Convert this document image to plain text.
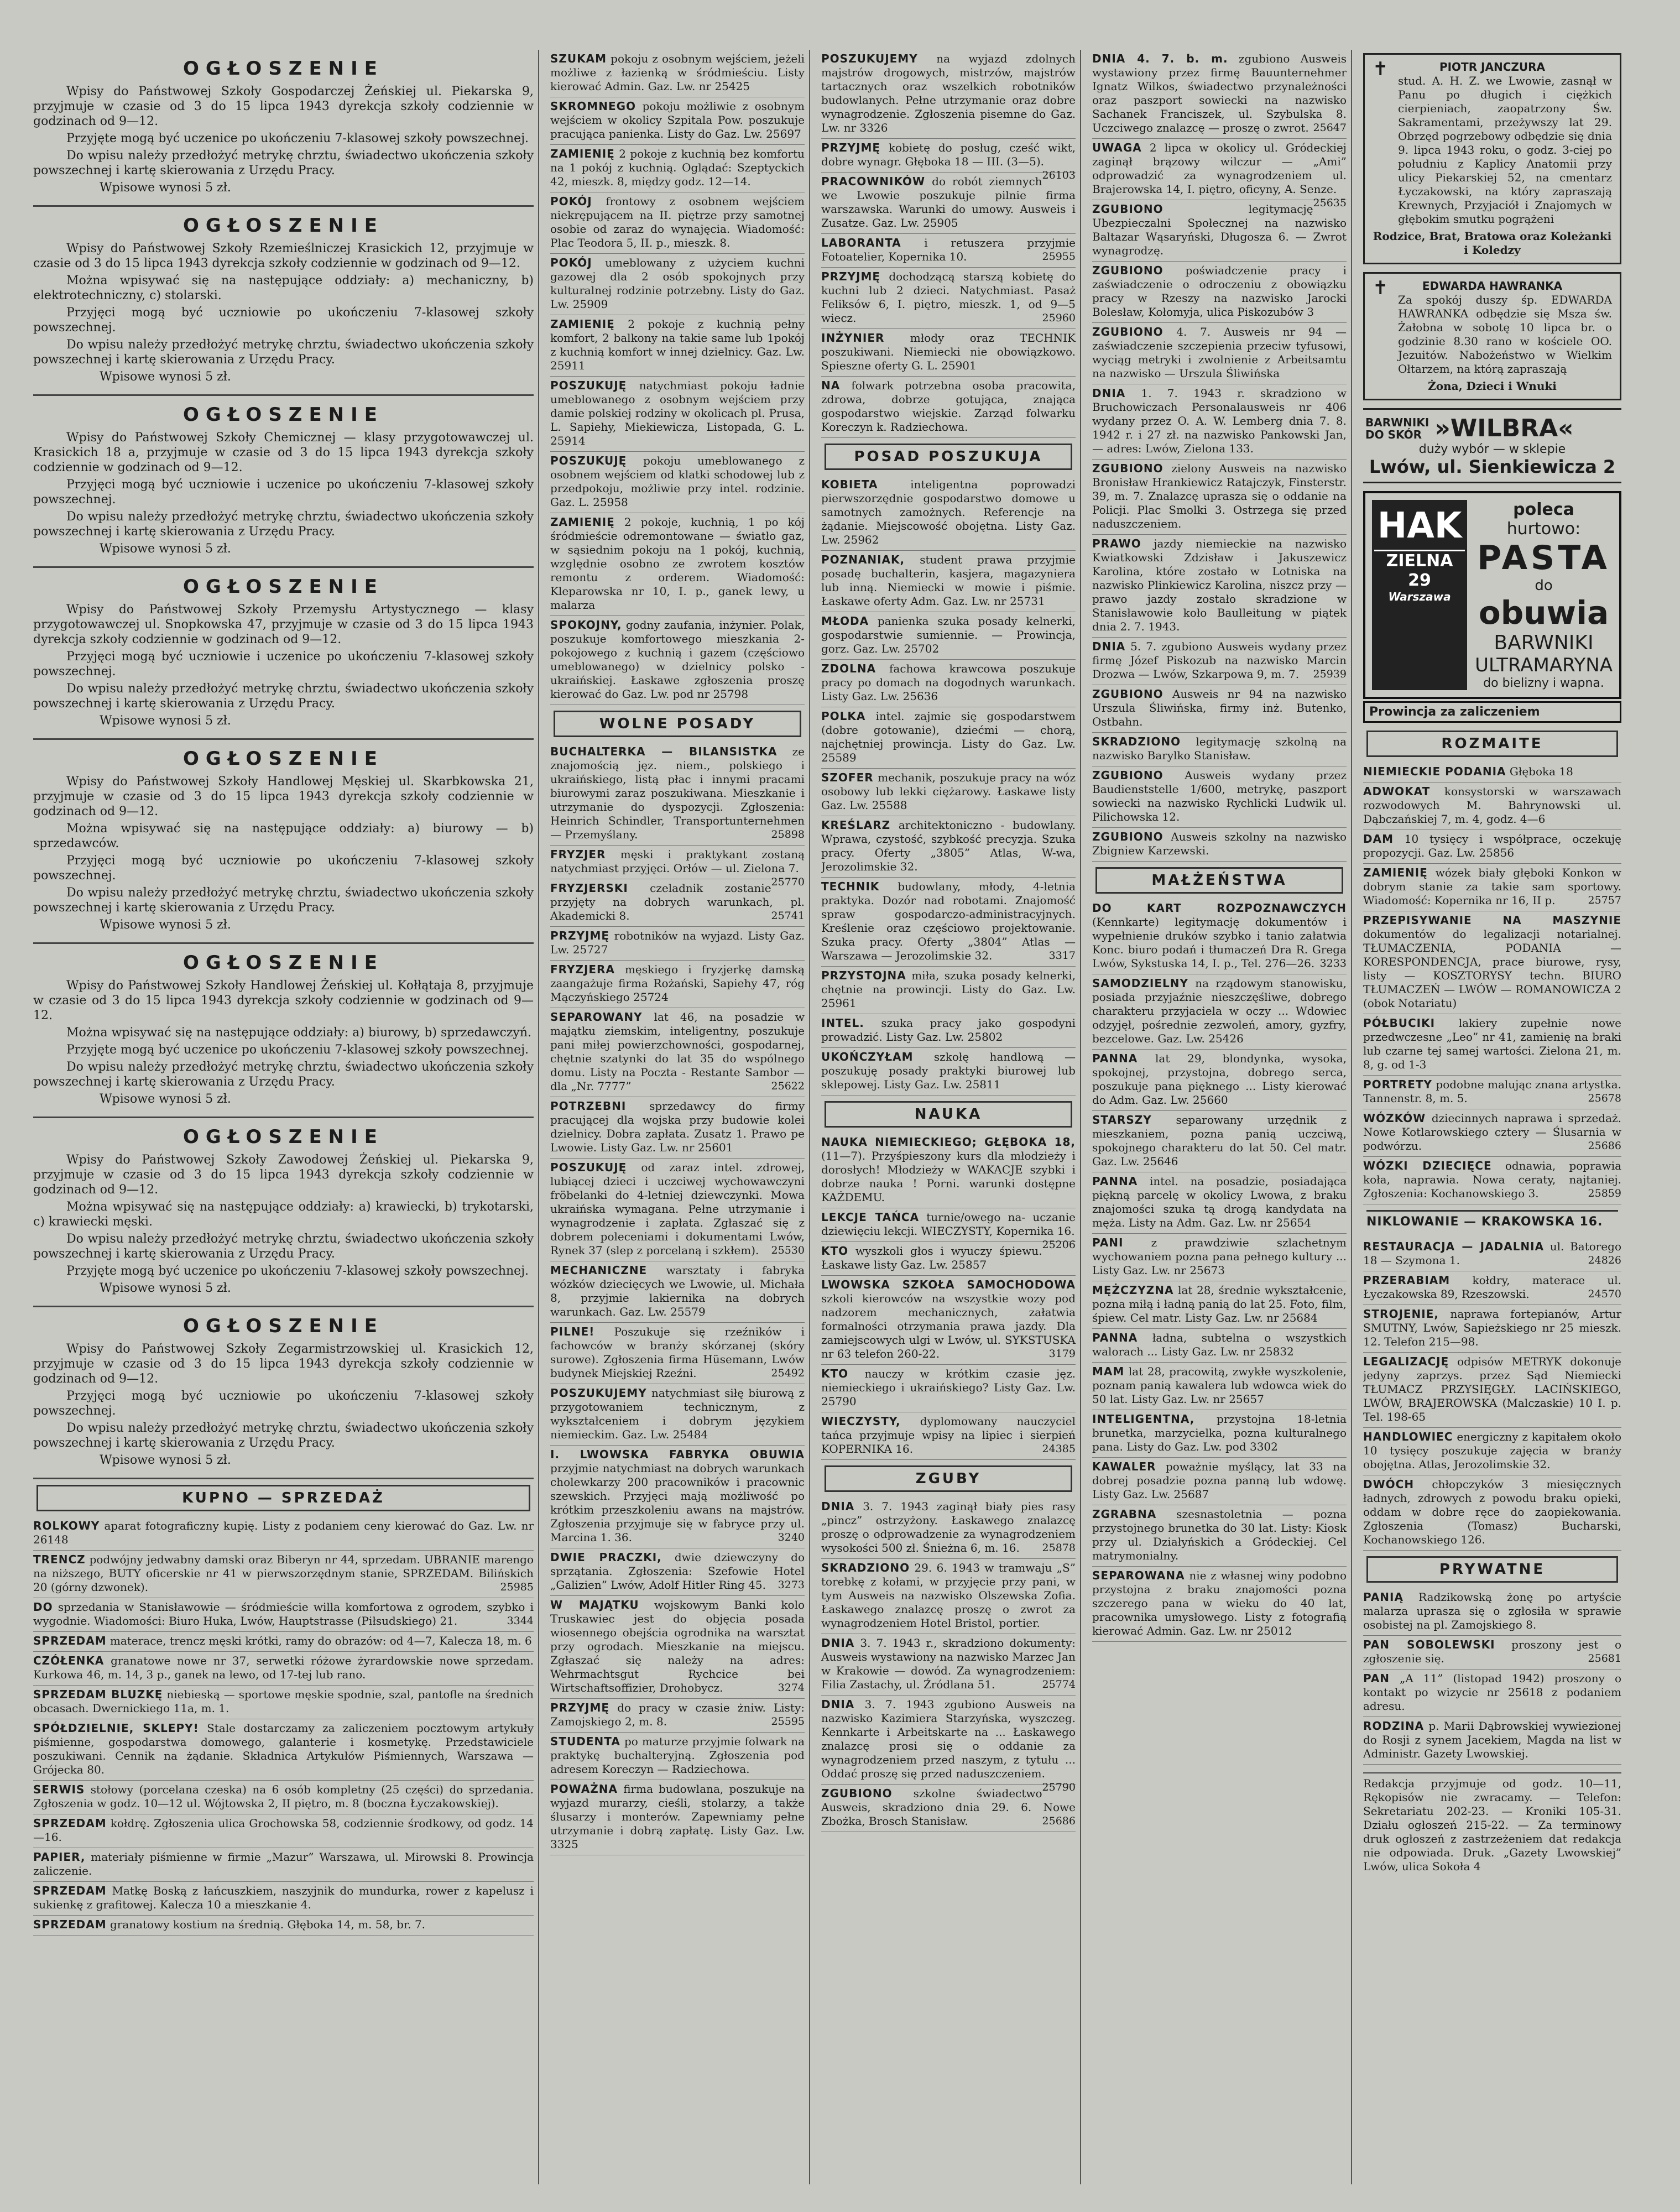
OGŁOSZENIE

Wpisy do Państwowej Szkoły Gospodarczej Żeńskiej ul. Piekarska 9, przyjmuje w czasie od 3 do 15 lipca 1943 dyrekcja szkoły codziennie w godzinach od 9—12.

Przyjęte mogą być uczenice po ukończeniu 7-klasowej szkoły powszechnej.

Do wpisu należy przedłożyć metrykę chrztu, świadectwo ukończenia szkoły powszechnej i kartę skierowania z Urzędu Pracy.

Wpisowe wynosi 5 zł.

OGŁOSZENIE

Wpisy do Państwowej Szkoły Rzemieślniczej Krasickich 12, przyjmuje w czasie od 3 do 15 lipca 1943 dyrekcja szkoły codziennie w godzinach od 9—12.

Można wpisywać się na następujące oddziały: a) mechaniczny, b) elektrotechniczny, c) stolarski.

Przyjęci mogą być uczniowie po ukończeniu 7-klasowej szkoły powszechnej.

Do wpisu należy przedłożyć metrykę chrztu, świadectwo ukończenia szkoły powszechnej i kartę skierowania z Urzędu Pracy.

Wpisowe wynosi 5 zł.

OGŁOSZENIE

Wpisy do Państwowej Szkoły Chemicznej — klasy przygotowawczej ul. Krasickich 18 a, przyjmuje w czasie od 3 do 15 lipca 1943 dyrekcja szkoły codziennie w godzinach od 9—12.

Przyjęci mogą być uczniowie i uczenice po ukończeniu 7-klasowej szkoły powszechnej.

Do wpisu należy przedłożyć metrykę chrztu, świadectwo ukończenia szkoły powszechnej i kartę skierowania z Urzędu Pracy.

Wpisowe wynosi 5 zł.

OGŁOSZENIE

Wpisy do Państwowej Szkoły Przemysłu Artystycznego — klasy przygotowawczej ul. Snopkowska 47, przyjmuje w czasie od 3 do 15 lipca 1943 dyrekcja szkoły codziennie w godzinach od 9—12.

Przyjęci mogą być uczniowie i uczenice po ukończeniu 7-klasowej szkoły powszechnej.

Do wpisu należy przedłożyć metrykę chrztu, świadectwo ukończenia szkoły powszechnej i kartę skierowania z Urzędu Pracy.

Wpisowe wynosi 5 zł.

OGŁOSZENIE

Wpisy do Państwowej Szkoły Handlowej Męskiej ul. Skarbkowska 21, przyjmuje w czasie od 3 do 15 lipca 1943 dyrekcja szkoły codziennie w godzinach od 9—12.

Można wpisywać się na następujące oddziały: a) biurowy — b) sprzedawców.

Przyjęci mogą być uczniowie po ukończeniu 7-klasowej szkoły powszechnej.

Do wpisu należy przedłożyć metrykę chrztu, świadectwo ukończenia szkoły powszechnej i kartę skierowania z Urzędu Pracy.

Wpisowe wynosi 5 zł.

OGŁOSZENIE

Wpisy do Państwowej Szkoły Handlowej Żeńskiej ul. Kołłątaja 8, przyjmuje w czasie od 3 do 15 lipca 1943 dyrekcja szkoły codziennie w godzinach od 9—12.

Można wpisywać się na następujące oddziały: a) biurowy, b) sprzedawczyń.

Przyjęte mogą być uczenice po ukończeniu 7-klasowej szkoły powszechnej.

Do wpisu należy przedłożyć metrykę chrztu, świadectwo ukończenia szkoły powszechnej i kartę skierowania z Urzędu Pracy.

Wpisowe wynosi 5 zł.

OGŁOSZENIE

Wpisy do Państwowej Szkoły Zawodowej Żeńskiej ul. Piekarska 9, przyjmuje w czasie od 3 do 15 lipca 1943 dyrekcja szkoły codziennie w godzinach od 9—12.

Można wpisywać się na następujące oddziały: a) krawiecki, b) trykotarski, c) krawiecki męski.

Do wpisu należy przedłożyć metrykę chrztu, świadectwo ukończenia szkoły powszechnej i kartę skierowania z Urzędu Pracy.

Przyjęte mogą być uczenice po ukończeniu 7-klasowej szkoły powszechnej.

Wpisowe wynosi 5 zł.

OGŁOSZENIE

Wpisy do Państwowej Szkoły Zegarmistrzowskiej ul. Krasickich 12, przyjmuje w czasie od 3 do 15 lipca 1943 dyrekcja szkoły codziennie w godzinach od 9—12.

Przyjęci mogą być uczniowie po ukończeniu 7-klasowej szkoły powszechnej.

Do wpisu należy przedłożyć metrykę chrztu, świadectwo ukończenia szkoły powszechnej i kartę skierowania z Urzędu Pracy.

Wpisowe wynosi 5 zł.

KUPNO — SPRZEDAŻ
ROLKOWY aparat fotograficzny kupię. Listy z podaniem ceny kierować do Gaz. Lw. nr 26148
TRENCZ podwójny jedwabny damski oraz Biberyn nr 44, sprzedam. UBRANIE marengo na niższego, BUTY oficerskie nr 41 w pierwszorzędnym stanie, SPRZEDAM. Bilińskich 20 (górny dzwonek).	25985
DO sprzedania w Stanisławowie — śródmieście willa komfortowa z ogrodem, szybko i wygodnie. Wiadomości: Biuro Huka, Lwów, Hauptstrasse (Piłsudskiego) 21.	3344
SPRZEDAM materace, trencz męski krótki, ramy do obrazów: od 4—7, Kalecza 18, m. 6
CZÓŁENKA granatowe nowe nr 37, serwetki różowe żyrardowskie nowe sprzedam. Kurkowa 46, m. 14, 3 p., ganek na lewo, od 17-tej lub rano.
SPRZEDAM BLUZKĘ niebieską — sportowe męskie spodnie, szal, pantofle na średnich obcasach. Dwernickiego 11a, m. 1.
SPÓŁDZIELNIE, SKLEPY! Stale dostarczamy za zaliczeniem pocztowym artykuły piśmienne, gospodarstwa domowego, galanterie i kosmetykę. Przedstawiciele poszukiwani. Cennik na żądanie. Składnica Artykułów Piśmiennych, Warszawa — Grójecka 80.
SERWIS stołowy (porcelana czeska) na 6 osób kompletny (25 części) do sprzedania. Zgłoszenia w godz. 10—12 ul. Wójtowska 2, II piętro, m. 8 (boczna Łyczakowskiej).
SPRZEDAM kołdrę. Zgłoszenia ulica Grochowska 58, codziennie środkowy, od godz. 14—16.
PAPIER, materiały piśmienne w firmie „Mazur” Warszawa, ul. Mirowski 8. Prowincja zaliczenie.
SPRZEDAM Matkę Boską z łańcuszkiem, naszyjnik do mundurka, rower z kapelusz i sukienkę z grafitowej. Kalecza 10 a mieszkanie 4.
SPRZEDAM granatowy kostium na średnią. Głęboka 14, m. 58, br. 7.
SZUKAM pokoju z osobnym wejściem, jeżeli możliwe z łazienką w śródmieściu. Listy kierować Admin. Gaz. Lw. nr 25425
SKROMNEGO pokoju możliwie z osobnym wejściem w okolicy Szpitala Pow. poszukuje pracująca panienka. Listy do Gaz. Lw. 25697
ZAMIENIĘ 2 pokoje z kuchnią bez komfortu na 1 pokój z kuchnią. Oglądać: Szeptyckich 42, mieszk. 8, między godz. 12—14.
POKÓJ frontowy z osobnem wejściem niekrępującem na II. piętrze przy samotnej osobie od zaraz do wynajęcia. Wiadomość: Plac Teodora 5, II. p., mieszk. 8.
POKÓJ umeblowany z użyciem kuchni gazowej dla 2 osób spokojnych przy kulturalnej rodzinie potrzebny. Listy do Gaz. Lw. 25909
ZAMIENIĘ 2 pokoje z kuchnią pełny komfort, 2 balkony na takie same lub 1pokój z kuchnią komfort w innej dzielnicy. Gaz. Lw. 25911
POSZUKUJĘ natychmiast pokoju ładnie umeblowanego z osobnym wejściem przy damie polskiej rodziny w okolicach pl. Prusa, L. Sapiehy, Miekiewicza, Listopada, G. L. 25914
POSZUKUJĘ pokoju umeblowanego z osobnem wejściem od klatki schodowej lub z przedpokoju, możliwie przy intel. rodzinie. Gaz. L. 25958
ZAMIENIĘ 2 pokoje, kuchnią, 1 po kój śródmieście odremontowane — światło gaz, w sąsiednim pokoju na 1 pokój, kuchnią, względnie osobno ze zwrotem kosztów remontu z orderem. Wiadomość: Kleparowska nr 10, I. p., ganek lewy, u malarza
SPOKOJNY, godny zaufania, inżynier. Polak, poszukuje komfortowego mieszkania 2-pokojowego z kuchnią i gazem (częściowo umeblowanego) w dzielnicy polsko - ukraińskiej. Łaskawe zgłoszenia proszę kierować do Gaz. Lw. pod nr 25798
WOLNE POSADY
BUCHALTERKA — BILANSISTKA ze znajomością jęz. niem., polskiego i ukraińskiego, listą płac i innymi pracami biurowymi zaraz poszukiwana. Mieszkanie i utrzymanie do dyspozycji. Zgłoszenia: Heinrich Schindler, Transportunternehmen — Przemyślany.	25898
FRYZJER męski i praktykant zostaną natychmiast przyjęci. Orłów — ul. Zielona 7.
25770
FRYZJERSKI czeladnik zostanie przyjęty na dobrych warunkach, pl. Akademicki 8.	25741
PRZYJMĘ robotników na wyjazd. Listy Gaz. Lw. 25727
FRYZJERA męskiego i fryzjerkę damską zaangażuje firma Rożański, Sapiehy 47, róg Mączyńskiego 25724
SEPAROWANY lat 46, na posadzie w majątku ziemskim, inteligentny, poszukuje pani miłej powierzchowności, gospodarnej, chętnie szatynki do lat 35 do wspólnego domu. Listy na Poczta - Restante Sambor — dla „Nr. 7777”	25622
POTRZEBNI sprzedawcy do firmy pracującej dla wojska przy budowie kolei dzielnicy. Dobra zapłata. Zusatz 1. Prawo pe Lwowie. Listy Gaz. Lw. nr 25601
POSZUKUJĘ od zaraz intel. zdrowej, lubiącej dzieci i uczciwej wychowawczyni fröbelanki do 4-letniej dziewczynki. Mowa ukraińska wymagana. Pełne utrzymanie i wynagrodzenie i zapłata. Zgłaszać się z dobrem poleceniami i dokumentami Lwów, Rynek 37 (slep z porcelaną i szkłem). 25530
MECHANICZNE warsztaty i fabryka wózków dziecięcych we Lwowie, ul. Michała 8, przyjmie lakiernika na dobrych warunkach. Gaz. Lw. 25579
PILNE! Poszukuje się rzeźników i fachowców w branży skórzanej (skóry surowe). Zgłoszenia firma Hüsemann, Lwów budynek Miejskiej Rzeźni.	25492
POSZUKUJEMY natychmiast siłę biurową z przygotowaniem technicznym, z wykształceniem i dobrym językiem niemieckim. Gaz. Lw. 25484
I. LWOWSKA FABRYKA OBUWIA przyjmie natychmiast na dobrych warunkach cholewkarzy 200 pracowników i pracownic szewskich. Przyjęci mają możliwość po krótkim przeszkoleniu awans na majstrów. Zgłoszenia przyjmuje się w fabryce przy ul. Marcina 1. 36.	3240
DWIE PRACZKI, dwie dziewczyny do sprzątania. Zgłoszenia: Szefowie Hotel „Galizien” Lwów, Adolf Hitler Ring 45. 3273
W MAJĄTKU wojskowym Banki kolo Truskawiec jest do objęcia posada wiosennego obejścia ogrodnika na warsztat przy ogrodach. Mieszkanie na miejscu. Zgłaszać się należy na adres: Wehrmachtsgut Rychcice bei Wirtschaftsoffizier, Drohobycz.	3274
PRZYJMĘ do pracy w czasie żniw. Listy: Zamojskiego 2, m. 8.	25595
STUDENTA po maturze przyjmie folwark na praktykę buchalteryjną. Zgłoszenia pod adresem Koreczyn — Radziechowa.
POWAŻNA firma budowlana, poszukuje na wyjazd murarzy, cieśli, stolarzy, a także ślusarzy i monterów. Zapewniamy pełne utrzymanie i dobrą zapłatę. Listy Gaz. Lw. 3325
POSZUKUJEMY na wyjazd zdolnych majstrów drogowych, mistrzów, majstrów tartacznych oraz wszelkich robotników budowlanych. Pełne utrzymanie oraz dobre wynagrodzenie. Zgłoszenia pisemne do Gaz. Lw. nr 3326
PRZYJMĘ kobietę do posług, cześć wikt, dobre wynagr. Głęboka 18 — III. (3—5).
26103
PRACOWNIKÓW do robót ziemnych we Lwowie poszukuje pilnie firma warszawska. Warunki do umowy. Ausweis i Zusatze. Gaz. Lw. 25905
LABORANTA i retuszera przyjmie Fotoatelier, Kopernika 10.	25955
PRZYJMĘ dochodzącą starszą kobietę do kuchni lub 2 dzieci. Natychmiast. Pasaż Feliksów 6, I. piętro, mieszk. 1, od 9—5 wiecz.	25960
INŻYNIER młody oraz TECHNIK poszukiwani. Niemiecki nie obowiązkowo. Spieszne oferty G. L. 25901
NA folwark potrzebna osoba pracowita, zdrowa, dobrze gotująca, znająca gospodarstwo wiejskie. Zarząd folwarku Koreczyn k. Radziechowa.
POSAD POSZUKUJA
KOBIETA	inteligentna poprowadzi pierwszorzędnie gospodarstwo domowe u samotnych zamożnych. Referencje na żądanie. Miejscowość obojętna. Listy Gaz. Lw. 25962
POZNANIAK, student prawa przyjmie posadę buchalterin, kasjera, magazyniera lub inną. Niemiecki w mowie i piśmie. Łaskawe oferty Adm. Gaz. Lw. nr 25731
MŁODA panienka szuka posady kelnerki, gospodarstwie sumiennie. — Prowincja, gorz. Gaz. Lw. 25702
ZDOLNA fachowa krawcowa poszukuje pracy po domach na dogodnych warunkach. Listy Gaz. Lw. 25636
POLKA intel. zajmie się gospodarstwem (dobre gotowanie), dziećmi — chorą, najchętniej prowincja. Listy do Gaz. Lw. 25589
SZOFER mechanik, poszukuje pracy na wóz osobowy lub lekki ciężarowy. Łaskawe listy Gaz. Lw. 25588
KREŚLARZ architektoniczno - budowlany. Wprawa, czystość, szybkość precyzja. Szuka pracy. Oferty „3805” Atlas, W-wa, Jerozolimskie 32.
TECHNIK budowlany, młody, 4-letnia praktyka. Dozór nad robotami. Znajomość spraw gospodarczo-administracyjnych. Kreślenie oraz częściowo projektowanie. Szuka pracy. Oferty „3804” Atlas — Warszawa — Jerozolimskie 32.	3317
PRZYSTOJNA miła, szuka posady kelnerki, chętnie na prowincji. Listy do Gaz. Lw. 25961
INTEL. szuka pracy jako gospodyni prowadzić. Listy Gaz. Lw. 25802
UKOŃCZYŁAM szkołę handlową — poszukuję posady praktyki biurowej lub sklepowej. Listy Gaz. Lw. 25811
NAUKA
NAUKA NIEMIECKIEGO; GŁĘBOKA 18, (11—7). Przyśpieszony kurs dla młodzieży i dorosłych! Młodzieży w WAKACJE szybki i dobrze nauka ! Porni. warunki dostępne KAŻDEMU.
LEKCJE TAŃCA turnie/owego na- uczanie dziewięciu lekcji. WIECZYSTY, Kopernika 16.
25206
KTO wyszkoli głos i wyuczy śpiewu. Łaskawe listy Gaz. Lw. 25857
LWOWSKA SZKOŁA SAMOCHODOWA szkoli kierowców na wszystkie wozy pod nadzorem mechanicznych, załatwia formalności otrzymania prawa jazdy. Dla zamiejscowych ulgi w Lwów, ul. SYKSTUSKA nr 63 telefon 260-22.	3179
KTO nauczy w krótkim czasie jęz. niemieckiego i ukraińskiego? Listy Gaz. Lw. 25790
WIECZYSTY, dyplomowany nauczyciel tańca przyjmuje wpisy na lipiec i sierpień KOPERNIKA 16.	24385
ZGUBY
DNIA 3. 7. 1943 zaginął biały pies rasy „pincz” ostrzyżony. Łaskawego znalazcę proszę o odprowadzenie za wynagrodzeniem wysokości 500 zł. Śnieżna 6, m. 16. 25878
SKRADZIONO 29. 6. 1943 w tramwaju „S” torebkę z kołami, w przyjęcie przy pani, w tym Ausweis na nazwisko Olszewska Zofia. Łaskawego znalazcę proszę o zwrot za wynagrodzeniem Hotel Bristol, portier.
DNIA 3. 7. 1943 r., skradziono dokumenty: Ausweis wystawiony na nazwisko Marzec Jan w Krakowie — dowód. Za wynagrodzeniem: Filia Zastachy, ul. Źródlana 51.	25774
DNIA 3. 7. 1943 zgubiono Ausweis na nazwisko Kazimiera Starzyńska, wyszczeg. Kennkarte i Arbeitskarte na ... Łaskawego znalazcę prosi się o oddanie za wynagrodzeniem przed naszym, z tytułu ... Oddać proszę się przed naduszczeniem.
25790
ZGUBIONO szkolne świadectwo Ausweis, skradziono dnia 29. 6. Nowe Zbożka, Brosch Stanisław.	25686
DNIA 4. 7. b. m. zgubiono Ausweis wystawiony przez firmę Bauunternehmer Ignatz Wilkos, świadectwo przynależności oraz paszport sowiecki na nazwisko Sachanek Franciszek, ul. Szybulska 8. Uczciwego znalazcę — proszę o zwrot. 25647
UWAGA 2 lipca w okolicy ul. Gródeckiej zaginął brązowy wilczur — „Ami” odprowadzić za wynagrodzeniem ul. Brajerowska 14, I. piętro, oficyny, A. Senze.
25635
ZGUBIONO	legitymację Ubezpieczalni Społecznej na nazwisko Baltazar Wąsaryński, Długosza 6. — Zwrot wynagrodzę.
ZGUBIONO poświadczenie pracy i zaświadczenie o odroczeniu z obowiązku pracy w Rzeszy na nazwisko Jarocki Bolesław, Kołomyja, ulica Piskozubów 3
ZGUBIONO 4. 7. Ausweis nr 94 — zaświadczenie szczepienia przeciw tyfusowi, wyciąg metryki i zwolnienie z Arbeitsamtu na nazwisko — Urszula Śliwińska
DNIA 1. 7. 1943 r. skradziono w Bruchowiczach Personalausweis nr 406 wydany przez O. A. W. Lemberg dnia 7. 8. 1942 r. i 27 zł. na nazwisko Pankowski Jan, — adres: Lwów, Zielona 133.
ZGUBIONO zielony Ausweis na nazwisko Bronisław Hrankiewicz Ratajczyk, Finsterstr. 39, m. 7. Znalazcę uprasza się o oddanie na Policji. Plac Smolki 3. Ostrzega się przed naduszczeniem.
PRAWO jazdy niemieckie na nazwisko Kwiatkowski Zdzisław i Jakuszewicz Karolina, które zostało w Lotniska na nazwisko Plinkiewicz Karolina, niszcz przy — prawo jazdy zostało skradzione w Stanisławowie koło Baulleitung w piątek dnia 2. 7. 1943.
DNIA 5. 7. zgubiono Ausweis wydany przez firmę Józef Piskozub na nazwisko Marcin Drozwa — Lwów, Szkarpowa 9, m. 7. 25939
ZGUBIONO Ausweis nr 94 na nazwisko Urszula Śliwińska, firmy inż. Butenko, Ostbahn.
SKRADZIONO legitymację szkolną na nazwisko Barylko Stanisław.
ZGUBIONO Ausweis wydany przez Baudienststelle 1/600, metrykę, paszport sowiecki na nazwisko Rychlicki Ludwik ul. Pilichowska 12.
ZGUBIONO Ausweis szkolny na nazwisko Zbigniew Karzewski.
MAŁŻEŃSTWA
DO KART ROZPOZNAWCZYCH (Kennkarte) legitymację dokumentów i wypełnienie druków szybko i tanio załatwia Konc. biuro podań i tłumaczeń Dra R. Grega Lwów, Sykstuska 14, I. p., Tel. 276—26. 3233
SAMODZIELNY na rządowym stanowisku, posiada przyjaźnie nieszczęśliwe, dobrego charakteru przyjaciela w oczy ... Wdowiec odzyjęł, pośrednie zezwoleń, amory, gyzfry, bezcelowe. Gaz. Lw. 25426
PANNA lat 29, blondynka, wysoka, spokojnej, przystojna, dobrego serca, poszukuje pana pięknego ... Listy kierować do Adm. Gaz. Lw. 25660
STARSZY separowany urzędnik z mieszkaniem, pozna panią uczciwą, spokojnego charakteru do lat 50. Cel matr. Gaz. Lw. 25646
PANNA intel. na posadzie, posiadająca piękną parcelę w okolicy Lwowa, z braku znajomości szuka tą drogą kandydata na męża. Listy na Adm. Gaz. Lw. nr 25654
PANI	z prawdziwie szlachetnym wychowaniem pozna pana pełnego kultury ... Listy Gaz. Lw. nr 25673
MĘŻCZYZNA lat 28, średnie wykształcenie, pozna miłą i ładną panią do lat 25. Foto, film, śpiew. Cel matr. Listy Gaz. Lw. nr 25684
PANNA ładna, subtelna o wszystkich walorach ... Listy Gaz. Lw. nr 25832
MAM lat 28, pracowitą, zwykłe wyszkolenie, poznam panią kawalera lub wdowca wiek do 50 lat. Listy Gaz. Lw. nr 25657
INTELIGENTNA, przystojna 18-letnia brunetka, marzycielka, pozna kulturalnego pana. Listy do Gaz. Lw. pod 3302
KAWALER poważnie myślący, lat 33 na dobrej posadzie pozna panną lub wdowę. Listy Gaz. Lw. 25687
ZGRABNA szesnastoletnia — pozna przystojnego brunetka do 30 lat. Listy: Kiosk przy ul. Działyńskich a Gródeckiej. Cel matrymonialny.
SEPAROWANA nie z własnej winy podobno przystojna z braku znajomości pozna szczerego pana w wieku do 40 lat, pracownika umysłowego. Listy z fotografią kierować Admin. Gaz. Lw. nr 25012
✝	PIOTR JANCZURA
stud. A. H. Z. we Lwowie, zasnął w Panu po długich i ciężkich cierpieniach, zaopatrzony Św. Sakramentami, przeżywszy lat 29. Obrzęd pogrzebowy odbędzie się dnia 9. lipca 1943 roku, o godz. 3-ciej po południu z Kaplicy Anatomii przy ulicy Piekarskiej 52, na cmentarz Łyczakowski, na który zapraszają Krewnych, Przyjaciół i Znajomych w głębokim smutku pogrążeni
Rodzice, Brat, Bratowa oraz Koleżanki i Koledzy
✝	EDWARDA HAWRANKA
Za spokój duszy śp. EDWARDA HAWRANKA odbędzie się Msza św. Żałobna w sobotę 10 lipca br. o godzinie 8.30 rano w kościele OO. Jezuitów. Nabożeństwo w Wielkim Ołtarzem, na którą zapraszają
Żona, Dzieci i Wnuki
BARWNIKI
DO SKÓR »WILBRA«
duży wybór — w sklepie
Lwów, ul. Sienkiewicza 2
HAK
ZIELNA 29
Warszawa
poleca
hurtowo:
PASTA
do
obuwia
BARWNIKI
ULTRAMARYNA
do bielizny i wapna.
Prowincja za zaliczeniem
ROZMAITE
NIEMIECKIE PODANIA Głęboka 18
ADWOKAT konsystorski w warszawach rozwodowych M. Bahrynowski ul. Dąbczańskiej 7, m. 4, godz. 4—6
DAM 10 tysięcy i współprace, oczekuję propozycji. Gaz. Lw. 25856
ZAMIENIĘ wózek biały głęboki Konkon w dobrym stanie za takie sam sportowy. Wiadomość: Kopernika nr 16, II p.	25757
PRZEPISYWANIE NA MASZYNIE dokumentów do legalizacji notarialnej. TŁUMACZENIA, PODANIA — KORESPONDENCJA, prace biurowe, rysy, listy — KOSZTORYSY techn. BIURO TŁUMACZEŃ — LWÓW — ROMANOWICZA 2 (obok Notariatu)
PÓŁBUCIKI lakiery zupełnie nowe przedwczesne „Leo” nr 41, zamienię na braki lub czarne tej samej wartości. Zielona 21, m. 8, g. od 1-3
PORTRETY podobne malując znana artystka. Tannenstr. 8, m. 5.	25678
WÓZKÓW dziecinnych naprawa i sprzedaż. Nowe Kotlarowskiego cztery — Ślusarnia w podwórzu.	25686
WÓZKI DZIECIĘCE odnawia, poprawia koła, naprawia. Nowa ceraty, najtaniej. Zgłoszenia: Kochanowskiego 3.	25859
NIKLOWANIE — KRAKOWSKA 16.
RESTAURACJA — JADALNIA ul. Batorego 18 — Szymona 1.	24826
PRZERABIAM kołdry, materace ul. Łyczakowska 89, Rzeszowski.	24570
STROJENIE, naprawa fortepianów, Artur SMUTNY, Lwów, Sapieżskiego nr 25 mieszk. 12. Telefon 215—98.
LEGALIZACJĘ odpisów METRYK dokonuje jedyny zaprzys. przez Sąd Niemiecki TŁUMACZ PRZYSIĘGŁY. LACIŃSKIEGO, LWÓW, BRAJEROWSKA (Malczaskie) 10 I. p. Tel. 198-65
HANDLOWIEC energiczny z kapitałem około 10 tysięcy poszukuje zajęcia w branży obojętna. Atlas, Jerozolimskie 32.
DWÓCH chłopczyków 3 miesięcznych ładnych, zdrowych z powodu braku opieki, oddam w dobre ręce do zaopiekowania. Zgłoszenia (Tomasz) Bucharski, Kochanowskiego 126.
PRYWATNE
PANIĄ Radzikowską żonę po artyście malarza uprasza się o zgłosiła w sprawie osobistej na pl. Zamojskiego 8.
PAN SOBOLEWSKI proszony jest o zgłoszenie się.	25681
PAN „A 11” (listopad 1942) proszony o kontakt po wizycie nr 25618 z podaniem adresu.
RODZINA p. Marii Dąbrowskiej wywiezionej do Rosji z synem Jacekiem, Magda na list w Administr. Gazety Lwowskiej.
Redakcja przyjmuje od godz. 10—11, Rękopisów nie zwracamy. — Telefon: Sekretariatu 202-23. — Kroniki 105-31. Działu ogłoszeń 215-22. — Za terminowy druk ogłoszeń z zastrzeżeniem dat redakcja nie odpowiada. Druk. „Gazety Lwowskiej” Lwów, ulica Sokoła 4
